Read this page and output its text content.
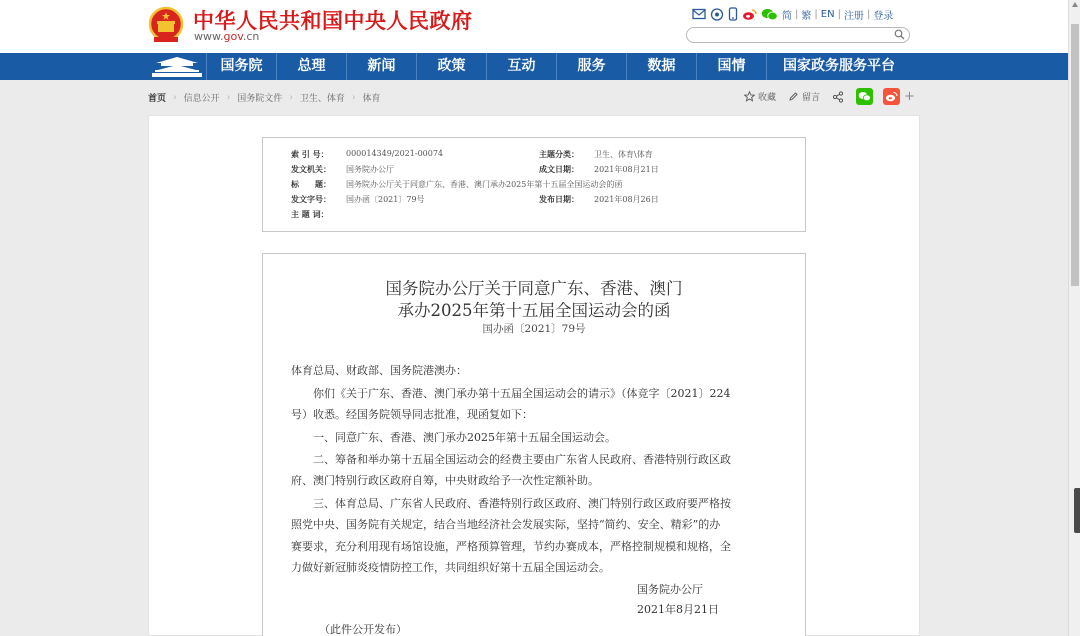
中华人民共和国中央人民政府
www.gov.cn
简 | 繁 | EN | 注册 | 登录
国务院	总理	新闻	政策	互动	服务	数据	国情	国家政务服务平台
首页 › 信息公开 › 国务院文件 › 卫生、体育 › 体育	收藏	留言	+
索 引 号： 000014349/2021-00074	主题分类： 卫生、体育\体育
发文机关： 国务院办公厅	成文日期： 2021年08月21日
标　　题： 国务院办公厅关于同意广东、香港、澳门承办2025年第十五届全国运动会的函
发文字号： 国办函〔2021〕79号	发布日期： 2021年08月26日
主 题 词：
国务院办公厅关于同意广东、香港、澳门
承办2025年第十五届全国运动会的函
国办函〔2021〕79号
体育总局、财政部、国务院港澳办：
　　你们《关于广东、香港、澳门承办第十五届全国运动会的请示》（体竞字〔2021〕224
号）收悉。经国务院领导同志批准，现函复如下：
　　一、同意广东、香港、澳门承办2025年第十五届全国运动会。
　　二、筹备和举办第十五届全国运动会的经费主要由广东省人民政府、香港特别行政区政
府、澳门特别行政区政府自筹，中央财政给予一次性定额补助。
　　三、体育总局、广东省人民政府、香港特别行政区政府、澳门特别行政区政府要严格按
照党中央、国务院有关规定，结合当地经济社会发展实际，坚持“简约、安全、精彩”的办
赛要求，充分利用现有场馆设施，严格预算管理，节约办赛成本，严格控制规模和规格，全
力做好新冠肺炎疫情防控工作，共同组织好第十五届全国运动会。
国务院办公厅
2021年8月21日
（此件公开发布）
